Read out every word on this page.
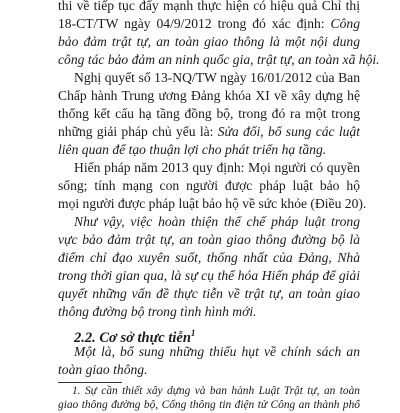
thi về tiếp tục đẩy mạnh thực hiện có hiệu quả Chỉ thị
18-CT/TW ngày 04/9/2012 trong đó xác định: Công
bảo đảm trật tự, an toàn giao thông là một nội dung
công tác bảo đảm an ninh quốc gia, trật tự, an toàn xã hội.
Nghị quyết số 13-NQ/TW ngày 16/01/2012 của Ban
Chấp hành Trung ương Đảng khóa XI về xây dựng hệ
thống kết cấu hạ tầng đồng bộ, trong đó ra một trong
những giải pháp chủ yếu là: Sửa đổi, bổ sung các luật
liên quan để tạo thuận lợi cho phát triển hạ tầng.
Hiến pháp năm 2013 quy định: Mọi người có quyền
sống; tính mạng con người được pháp luật bảo hộ
mọi người được pháp luật bảo hộ về sức khỏe (Điều 20).
Như vậy, việc hoàn thiện thể chế pháp luật trong
vực bảo đảm trật tự, an toàn giao thông đường bộ là
điểm chỉ đạo xuyên suốt, thống nhất của Đảng, Nhà
trong thời gian qua, là sự cụ thể hóa Hiến pháp để giải
quyết những vấn đề thực tiễn về trật tự, an toàn giao
thông đường bộ trong tình hình mới.
2.2. Cơ sở thực tiễn$^1$
Một là, bổ sung những thiếu hụt về chính sách an
toàn giao thông.
1. Sự cần thiết xây dựng và ban hành Luật Trật tự, an toàn
giao thông đường bộ, Cổng thông tin điện tử Công an thành phố
